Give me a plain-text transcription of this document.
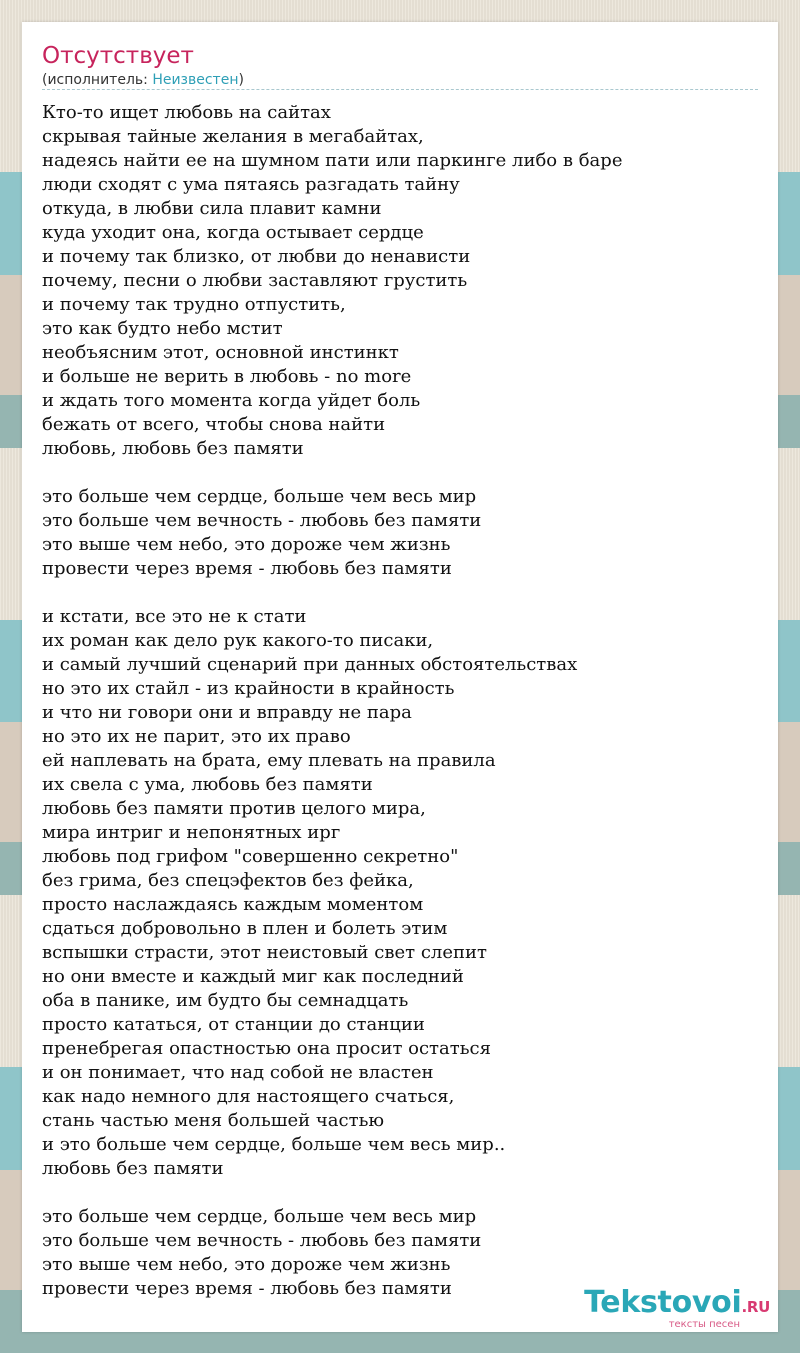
Отсутствует
(исполнитель: Неизвестен)
Кто-то ищет любовь на сайтах
скрывая тайные желания в мегабайтах,
надеясь найти ее на шумном пати или паркинге либо в баре
люди сходят с ума пятаясь разгадать тайну
откуда, в любви сила плавит камни
куда уходит она, когда остывает сердце
и почему так близко, от любви до ненависти
почему, песни о любви заставляют грустить
и почему так трудно отпустить,
это как будто небо мстит
необъясним этот, основной инстинкт
и больше не верить в любовь - no more
и ждать того момента когда уйдет боль
бежать от всего, чтобы снова найти
любовь, любовь без памяти
это больше чем сердце, больше чем весь мир
это больше чем вечность - любовь без памяти
это выше чем небо, это дороже чем жизнь
провести через время - любовь без памяти
и кстати, все это не к стати
их роман как дело рук какого-то писаки,
и самый лучший сценарий при данных обстоятельствах
но это их стайл - из крайности в крайность
и что ни говори они и вправду не пара
но это их не парит, это их право
ей наплевать на брата, ему плевать на правила
их свела с ума, любовь без памяти
любовь без памяти против целого мира,
мира интриг и непонятных ирг
любовь под грифом "совершенно секретно"
без грима, без спецэфектов без фейка,
просто наслаждаясь каждым моментом
сдаться добровольно в плен и болеть этим
вспышки страсти, этот неистовый свет слепит
но они вместе и каждый миг как последний
оба в панике, им будто бы семнадцать
просто кататься, от станции до станции
пренебрегая опастностью она просит остаться
и он понимает, что над собой не властен
как надо немного для настоящего счаться,
стань частью меня большей частью
и это больше чем сердце, больше чем весь мир..
любовь без памяти
это больше чем сердце, больше чем весь мир
это больше чем вечность - любовь без памяти
это выше чем небо, это дороже чем жизнь
провести через время - любовь без памяти	Tekstovoi.RU
тексты песен
